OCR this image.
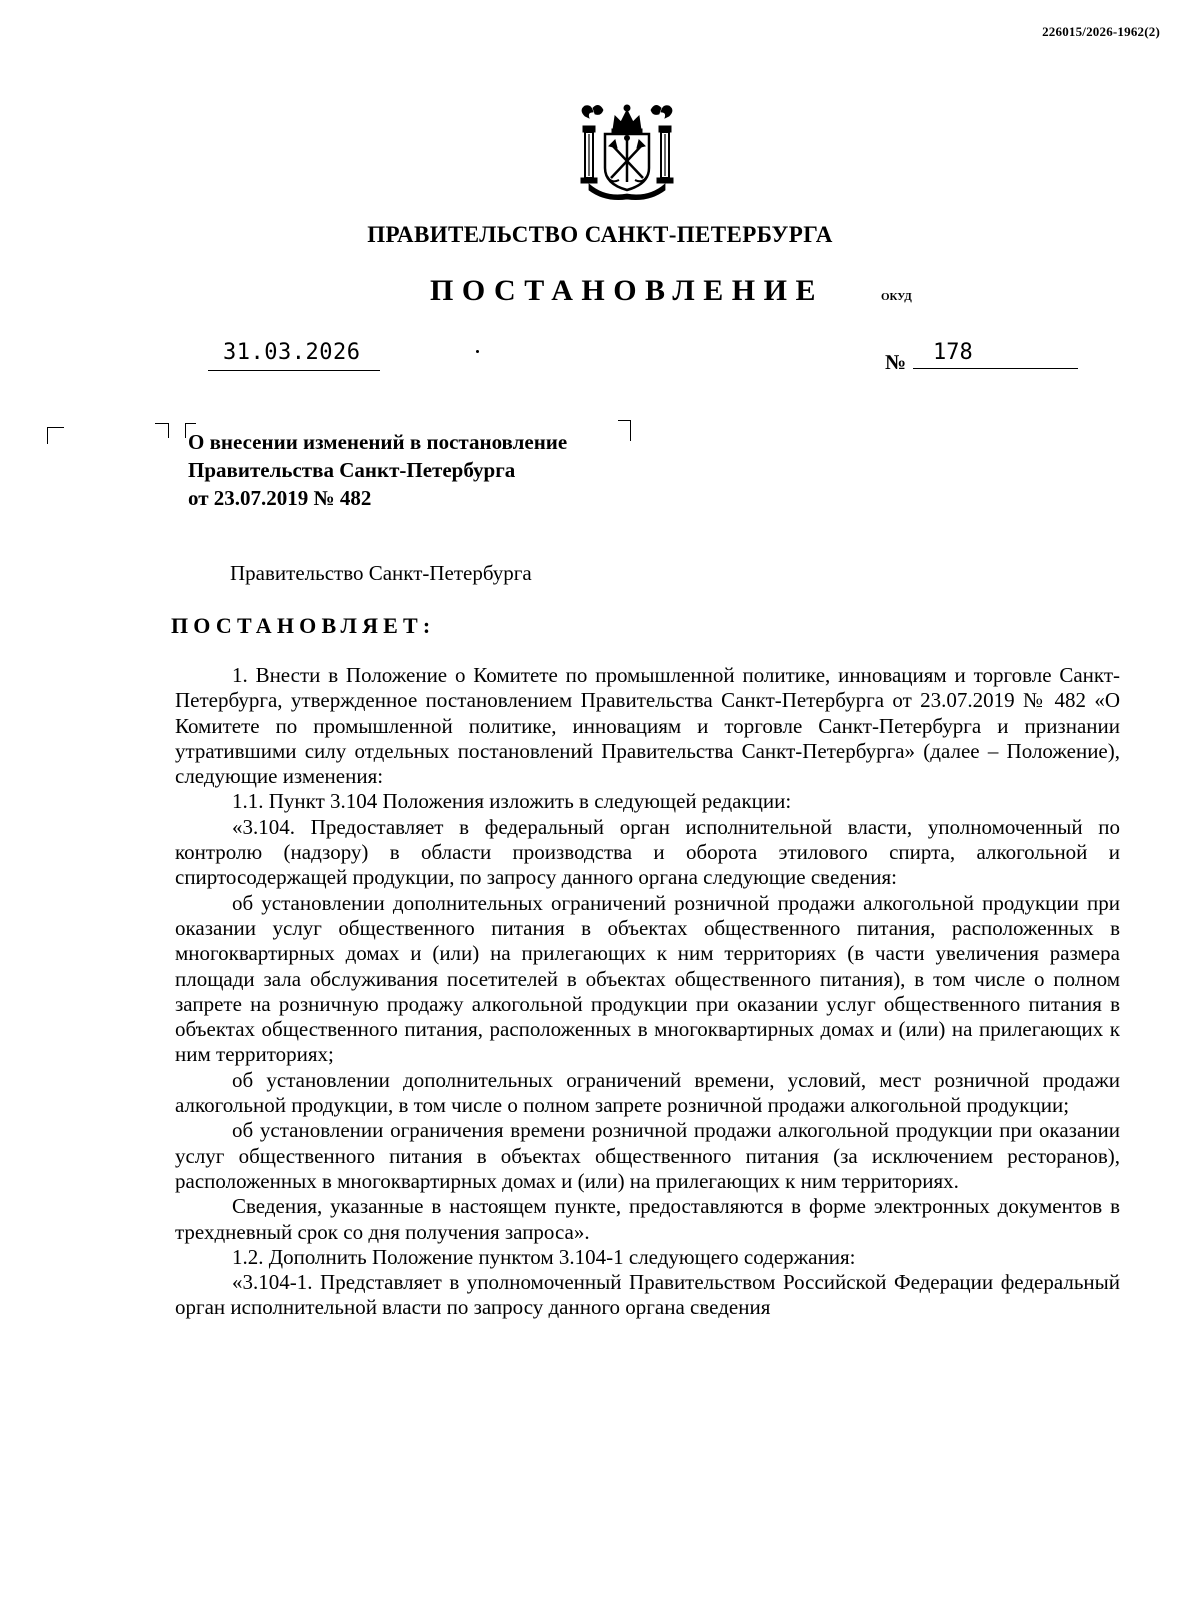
226015/2026-1962(2)
ПРАВИТЕЛЬСТВО САНКТ-ПЕТЕРБУРГА
ПОСТАНОВЛЕНИЕ	ОКУД
31.03.2026	№ 178
О внесении изменений в постановление
Правительства Санкт-Петербурга
от 23.07.2019 № 482
Правительство Санкт-Петербурга
ПОСТАНОВЛЯЕТ:

1. Внести в Положение о Комитете по промышленной политике, инновациям и торговле Санкт-Петербурга, утвержденное постановлением Правительства Санкт-Петербурга от 23.07.2019 № 482 «О Комитете по промышленной политике, инновациям и торговле Санкт-Петербурга и признании утратившими силу отдельных постановлений Правительства Санкт-Петербурга» (далее – Положение), следующие изменения:

1.1. Пункт 3.104 Положения изложить в следующей редакции:

«3.104. Предоставляет в федеральный орган исполнительной власти, уполномоченный по контролю (надзору) в области производства и оборота этилового спирта, алкогольной и спиртосодержащей продукции, по запросу данного органа следующие сведения:

об установлении дополнительных ограничений розничной продажи алкогольной продукции при оказании услуг общественного питания в объектах общественного питания, расположенных в многоквартирных домах и (или) на прилегающих к ним территориях (в части увеличения размера площади зала обслуживания посетителей в объектах общественного питания), в том числе о полном запрете на розничную продажу алкогольной продукции при оказании услуг общественного питания в объектах общественного питания, расположенных в многоквартирных домах и (или) на прилегающих к ним территориях;

об установлении дополнительных ограничений времени, условий, мест розничной продажи алкогольной продукции, в том числе о полном запрете розничной продажи алкогольной продукции;

об установлении ограничения времени розничной продажи алкогольной продукции при оказании услуг общественного питания в объектах общественного питания (за исключением ресторанов), расположенных в многоквартирных домах и (или) на прилегающих к ним территориях.

Сведения, указанные в настоящем пункте, предоставляются в форме электронных документов в трехдневный срок со дня получения запроса».

1.2. Дополнить Положение пунктом 3.104-1 следующего содержания:

«3.104-1. Представляет в уполномоченный Правительством Российской Федерации федеральный орган исполнительной власти по запросу данного органа сведения
